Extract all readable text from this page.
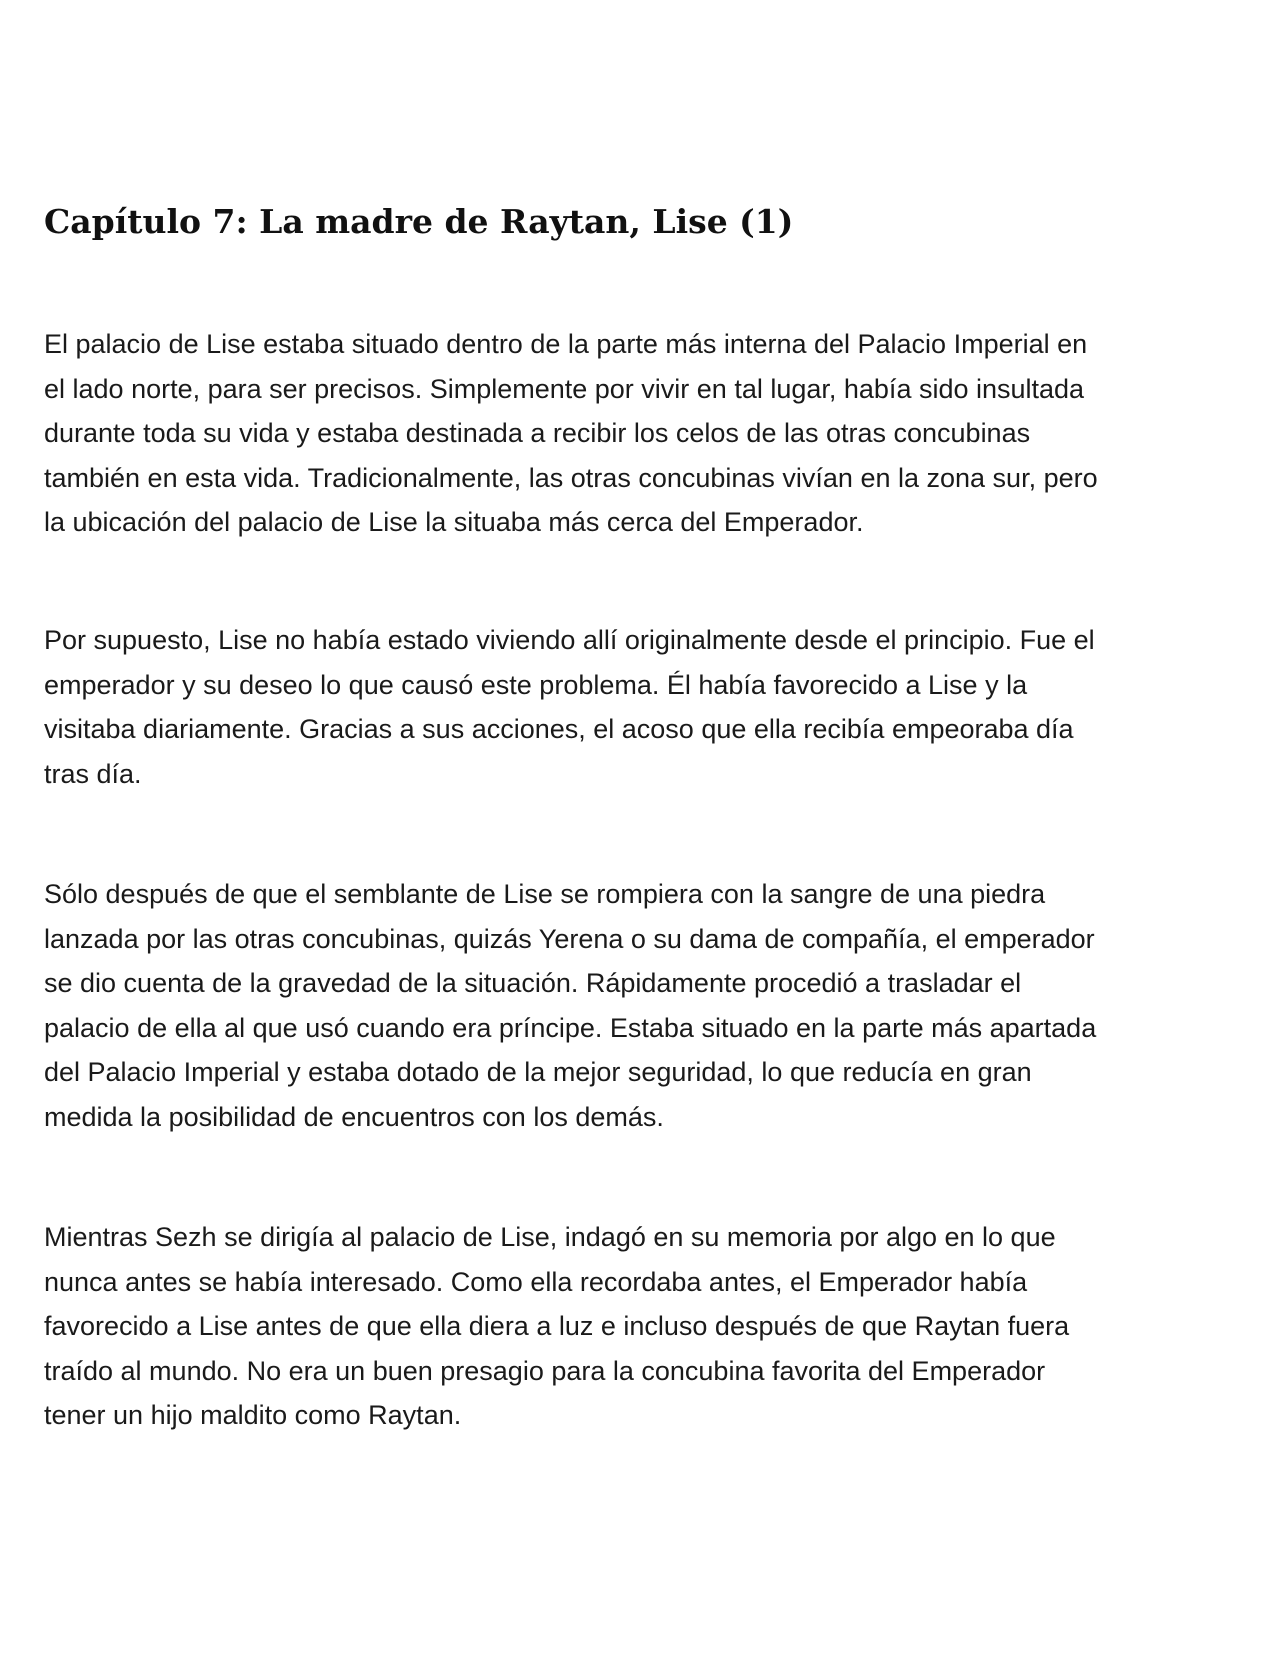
Capítulo 7: La madre de Raytan, Lise (1)

El palacio de Lise estaba situado dentro de la parte más interna del Palacio Imperial en
el lado norte, para ser precisos. Simplemente por vivir en tal lugar, había sido insultada
durante toda su vida y estaba destinada a recibir los celos de las otras concubinas
también en esta vida. Tradicionalmente, las otras concubinas vivían en la zona sur, pero
la ubicación del palacio de Lise la situaba más cerca del Emperador.

Por supuesto, Lise no había estado viviendo allí originalmente desde el principio. Fue el
emperador y su deseo lo que causó este problema. Él había favorecido a Lise y la
visitaba diariamente. Gracias a sus acciones, el acoso que ella recibía empeoraba día
tras día.

Sólo después de que el semblante de Lise se rompiera con la sangre de una piedra
lanzada por las otras concubinas, quizás Yerena o su dama de compañía, el emperador
se dio cuenta de la gravedad de la situación. Rápidamente procedió a trasladar el
palacio de ella al que usó cuando era príncipe. Estaba situado en la parte más apartada
del Palacio Imperial y estaba dotado de la mejor seguridad, lo que reducía en gran
medida la posibilidad de encuentros con los demás.

Mientras Sezh se dirigía al palacio de Lise, indagó en su memoria por algo en lo que
nunca antes se había interesado. Como ella recordaba antes, el Emperador había
favorecido a Lise antes de que ella diera a luz e incluso después de que Raytan fuera
traído al mundo. No era un buen presagio para la concubina favorita del Emperador
tener un hijo maldito como Raytan.
